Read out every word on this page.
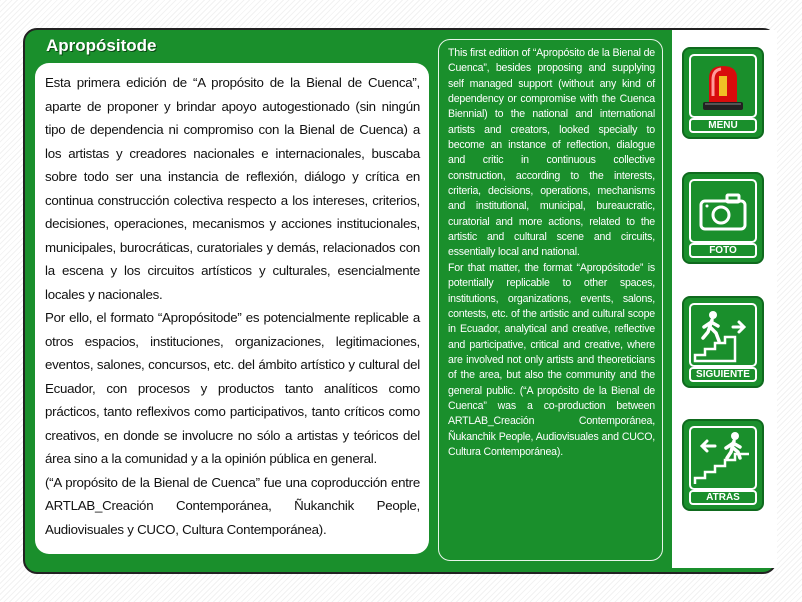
Apropósitode

Esta primera edición de “A propósito de la Bienal de Cuenca”, aparte de proponer y brindar apoyo autogestionado (sin ningún tipo de dependencia ni compromiso con la Bienal de Cuenca) a los artistas y creadores nacionales e internacionales, buscaba sobre todo ser una instancia de reflexión, diálogo y crítica en continua construcción colectiva respecto a los intereses, criterios, decisiones, operaciones, mecanismos y acciones institucionales, municipales, burocráticas, curatoriales y demás, relacionados con la escena y los circuitos artísticos y culturales, esencialmente locales y nacionales.

Por ello, el formato “Apropósitode” es potencialmente replicable a otros espacios, instituciones, organizaciones, legitimaciones, eventos, salones, concursos, etc. del ámbito artístico y cultural del Ecuador, con procesos y productos tanto analíticos como prácticos, tanto reflexivos como participativos, tanto críticos como creativos, en donde se involucre no sólo a artistas y teóricos del área sino a la comunidad y a la opinión pública en general.

(“A propósito de la Bienal de Cuenca” fue una coproducción entre ARTLAB_Creación Contemporánea, Ñukanchik People, Audiovisuales y CUCO, Cultura Contemporánea).

This first edition of “Apropósito de la Bienal de Cuenca”, besides proposing and supplying self managed support (without any kind of dependency or compromise with the Cuenca Biennial) to the national and international artists and creators, looked specially to become an instance of reflection, dialogue and critic in continuous collective construction, according to the interests, criteria, decisions, operations, mechanisms and institutional, municipal, bureaucratic, curatorial and more actions, related to the artistic and cultural scene and circuits, essentially local and national.

For that matter, the format “Apropósitode” is potentially replicable to other spaces, institutions, organizations, events, salons, contests, etc. of the artistic and cultural scope in Ecuador, analytical and creative, reflective and participative, critical and creative, where are involved not only artists and theoreticians of the area, but also the community and the general public. (“A propósito de la Bienal de Cuenca” was a co-production between ARTLAB_Creación Contemporánea, Ñukanchik People, Audiovisuales and CUCO, Cultura Contemporánea).

MENÚ
FOTO
SIGUIENTE
ATRÁS
